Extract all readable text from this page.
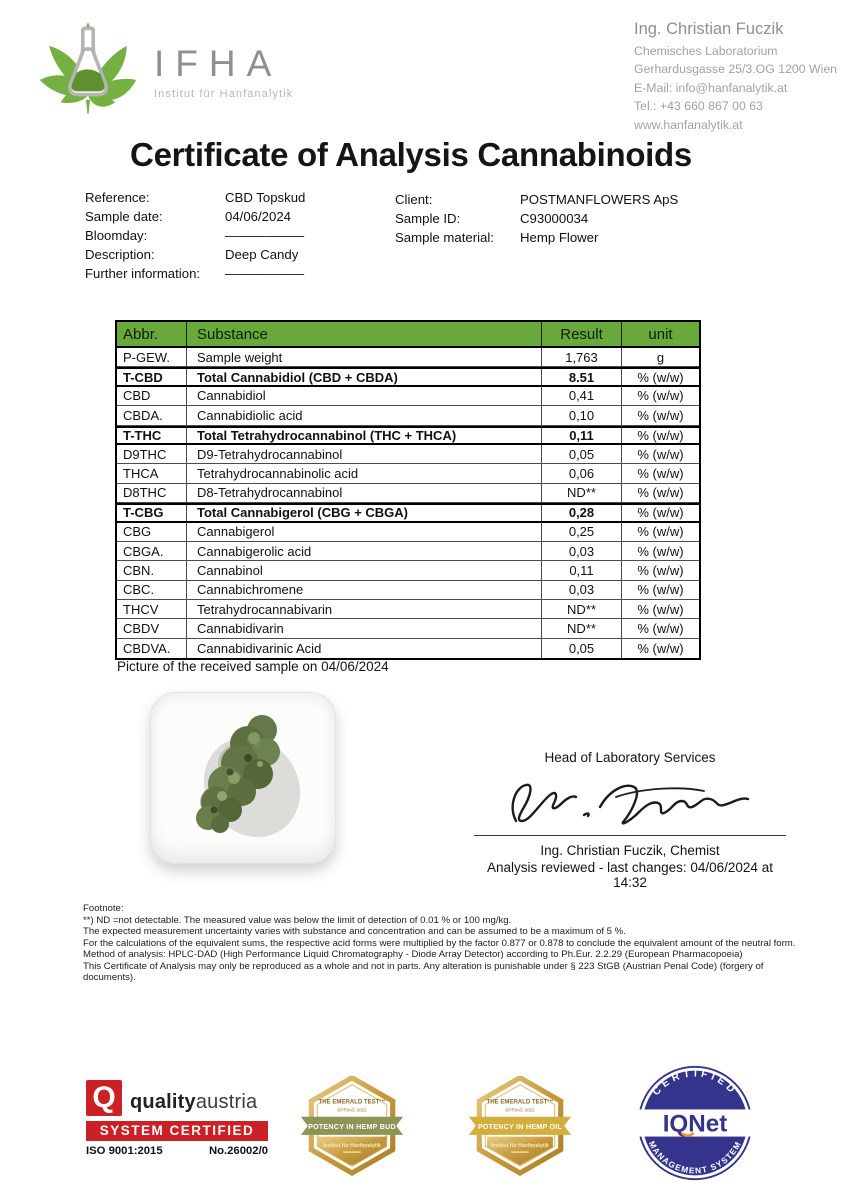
IFHA
Institut für Hanfanalytik
Ing. Christian Fuczik
Chemisches Laboratorium
Gerhardusgasse 25/3.OG 1200 Wien
E-Mail: info@hanfanalytik.at
Tel.: +43 660 867 00 63
www.hanfanalytik.at
Certificate of Analysis Cannabinoids
Reference:	CBD Topskud
Sample date:	04/06/2024
Bloomday:	——————
Description:	Deep Candy
Further information:	——————
Client:	POSTMANFLOWERS ApS
Sample ID:	C93000034
Sample material:	Hemp Flower
Abbr.	Substance	Result	unit
P-GEW.	Sample weight	1,763	g
T-CBD	Total Cannabidiol (CBD + CBDA)	8.51	% (w/w)
CBD	Cannabidiol	0,41	% (w/w)
CBDA.	Cannabidiolic acid	0,10	% (w/w)
T-THC	Total Tetrahydrocannabinol (THC + THCA)	0,11	% (w/w)
D9THC	D9-Tetrahydrocannabinol	0,05	% (w/w)
THCA	Tetrahydrocannabinolic acid	0,06	% (w/w)
D8THC	D8-Tetrahydrocannabinol	ND**	% (w/w)
T-CBG	Total Cannabigerol (CBG + CBGA)	0,28	% (w/w)
CBG	Cannabigerol	0,25	% (w/w)
CBGA.	Cannabigerolic acid	0,03	% (w/w)
CBN.	Cannabinol	0,11	% (w/w)
CBC.	Cannabichromene	0,03	% (w/w)
THCV	Tetrahydrocannabivarin	ND**	% (w/w)
CBDV	Cannabidivarin	ND**	% (w/w)
CBDVA.	Cannabidivarinic Acid	0,05	% (w/w)
Picture of the received sample on 04/06/2024
Head of Laboratory Services
Ing. Christian Fuczik, Chemist
Analysis reviewed - last changes: 04/06/2024 at
14:32

Footnote:

**) ND =not detectable. The measured value was below the limit of detection of 0.01 % or 100 mg/kg.

The expected measurement uncertainty varies with substance and concentration and can be assumed to be a maximum of 5 %.

For the calculations of the equivalent sums, the respective acid forms were multiplied by the factor 0.877 or 0.878 to conclude the equivalent amount of the neutral form.

Method of analysis: HPLC-DAD (High Performance Liquid Chromatography - Diode Array Detector) according to Ph.Eur. 2.2.29 (European Pharmacopoeia)

This Certificate of Analysis may only be reproduced as a whole and not in parts. Any alteration is punishable under § 223 StGB (Austrian Penal Code) (forgery of documents).

Q qualityaustria
SYSTEM CERTIFIED
ISO 9001:2015	No.26002/0
THE EMERALD TEST™
SPRING 2021
POTENCY IN HEMP BUD
Institut für Hanfanalytik
THE EMERALD TEST™
SPRING 2021
POTENCY IN HEMP OIL
Institut für Hanfanalytik
CERTIFIED
MANAGEMENT SYSTEM
IQNet
